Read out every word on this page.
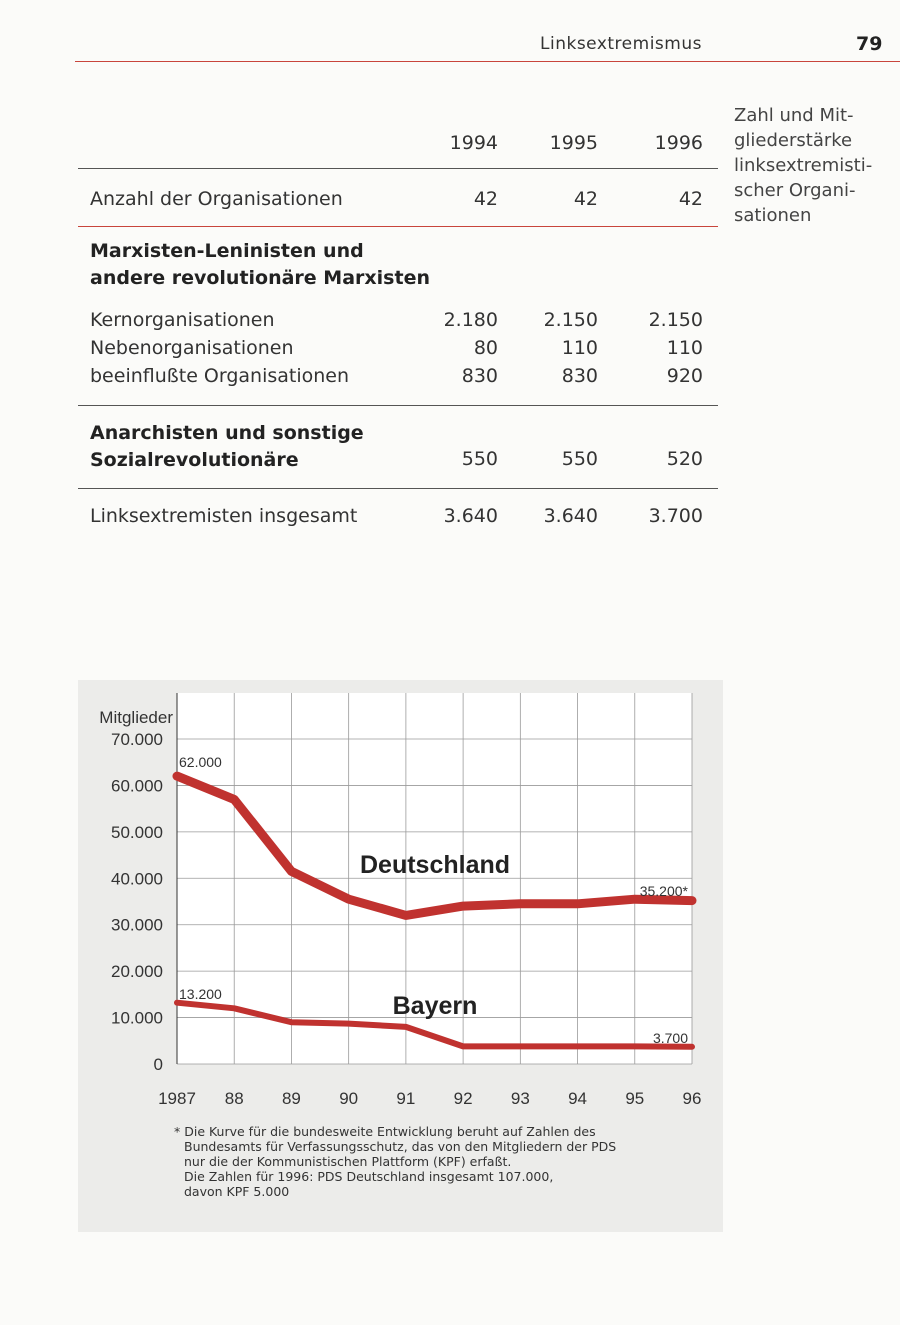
Linksextremismus	79
Zahl und Mit-
gliederstärke
linksextremisti-
scher Organi-
sationen
1994	1995	1996
Anzahl der Organisationen	42	42	42
Marxisten-Leninisten und
andere revolutionäre Marxisten
Kernorganisationen	2.180	2.150	2.150
Nebenorganisationen	80	110	110
beeinflußte Organisationen	830	830	920
Anarchisten und sonstige
Sozialrevolutionäre	550	550	520
Linksextremisten insgesamt	3.640	3.640	3.700
Mitglieder
70.000
60.000
50.000
40.000
30.000
20.000
10.000
0
1987 88 89 90 91 92 93 94 95 96
Deutschland
Bayern
62.000
13.200
35.200*
3.700
* Die Kurve für die bundesweite Entwicklung beruht auf Zahlen des
Bundesamts für Verfassungsschutz, das von den Mitgliedern der PDS
nur die der Kommunistischen Plattform (KPF) erfaßt.
Die Zahlen für 1996: PDS Deutschland insgesamt 107.000,
davon KPF 5.000
